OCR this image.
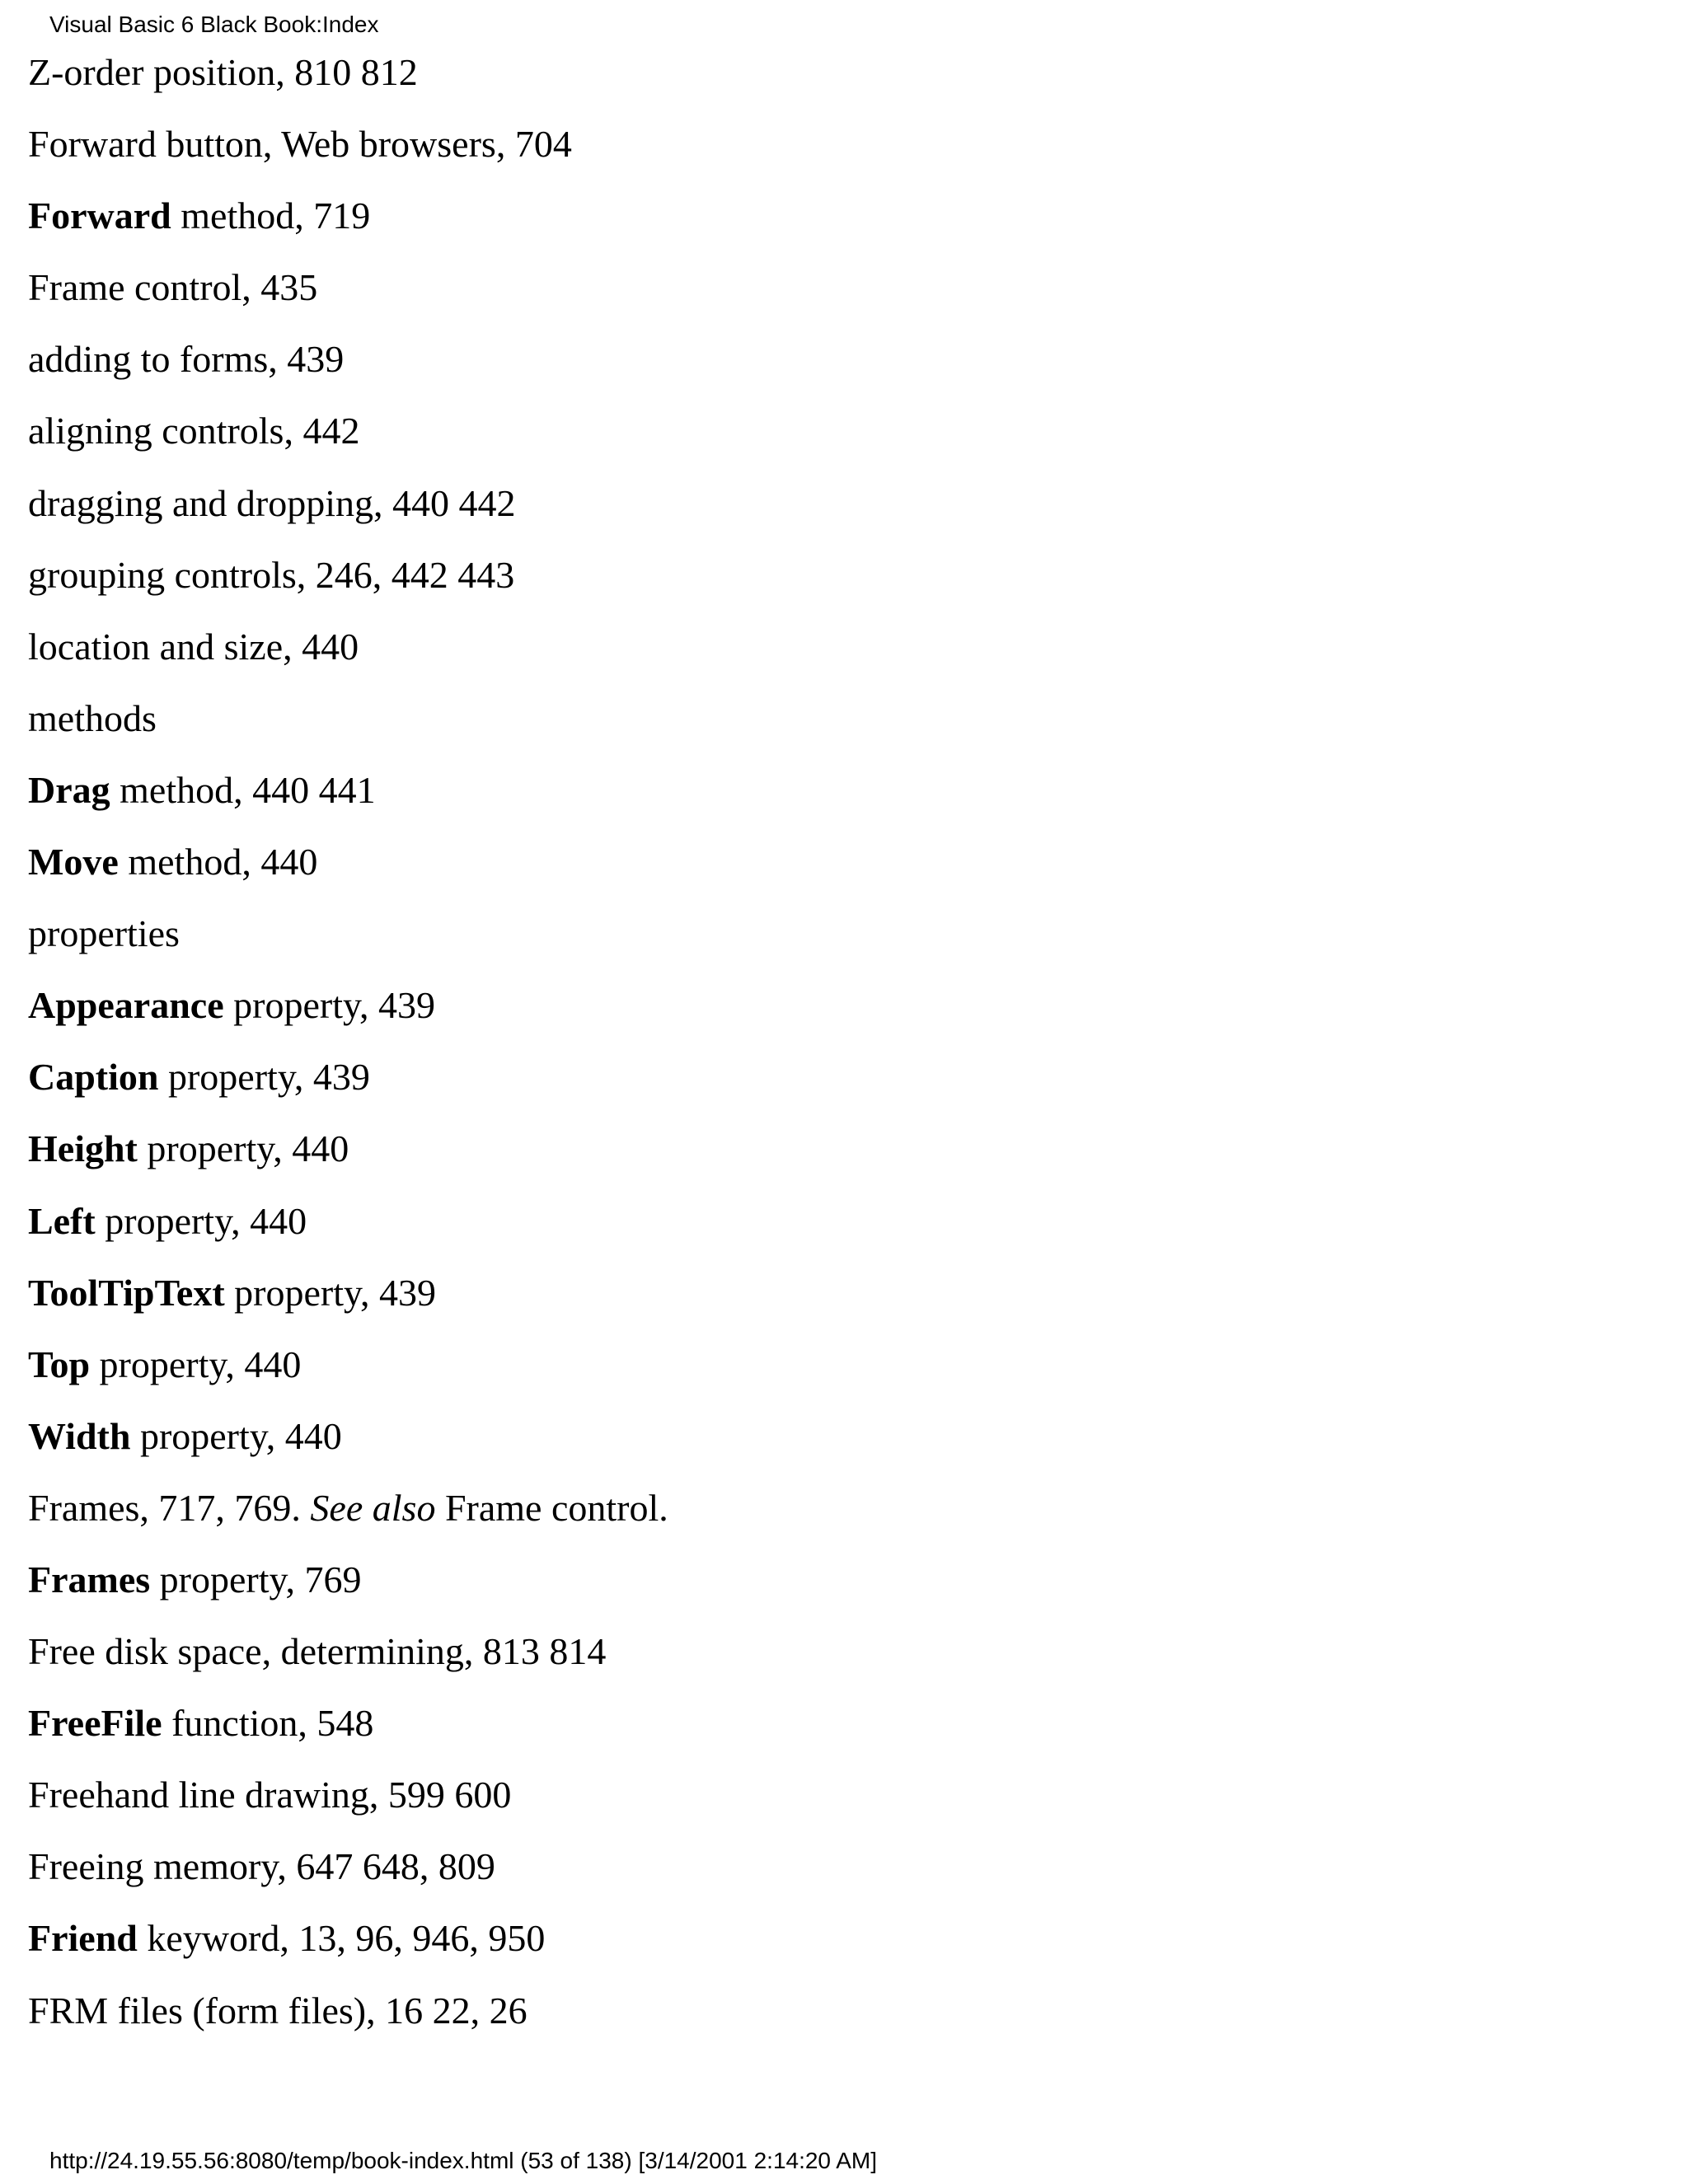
Visual Basic 6 Black Book:Index
Z-order position, 810 812
Forward button, Web browsers, 704
Forward method, 719
Frame control, 435
adding to forms, 439
aligning controls, 442
dragging and dropping, 440 442
grouping controls, 246, 442 443
location and size, 440
methods
Drag method, 440 441
Move method, 440
properties
Appearance property, 439
Caption property, 439
Height property, 440
Left property, 440
ToolTipText property, 439
Top property, 440
Width property, 440
Frames, 717, 769. See also Frame control.
Frames property, 769
Free disk space, determining, 813 814
FreeFile function, 548
Freehand line drawing, 599 600
Freeing memory, 647 648, 809
Friend keyword, 13, 96, 946, 950
FRM files (form files), 16 22, 26
http://24.19.55.56:8080/temp/book-index.html (53 of 138) [3/14/2001 2:14:20 AM]
